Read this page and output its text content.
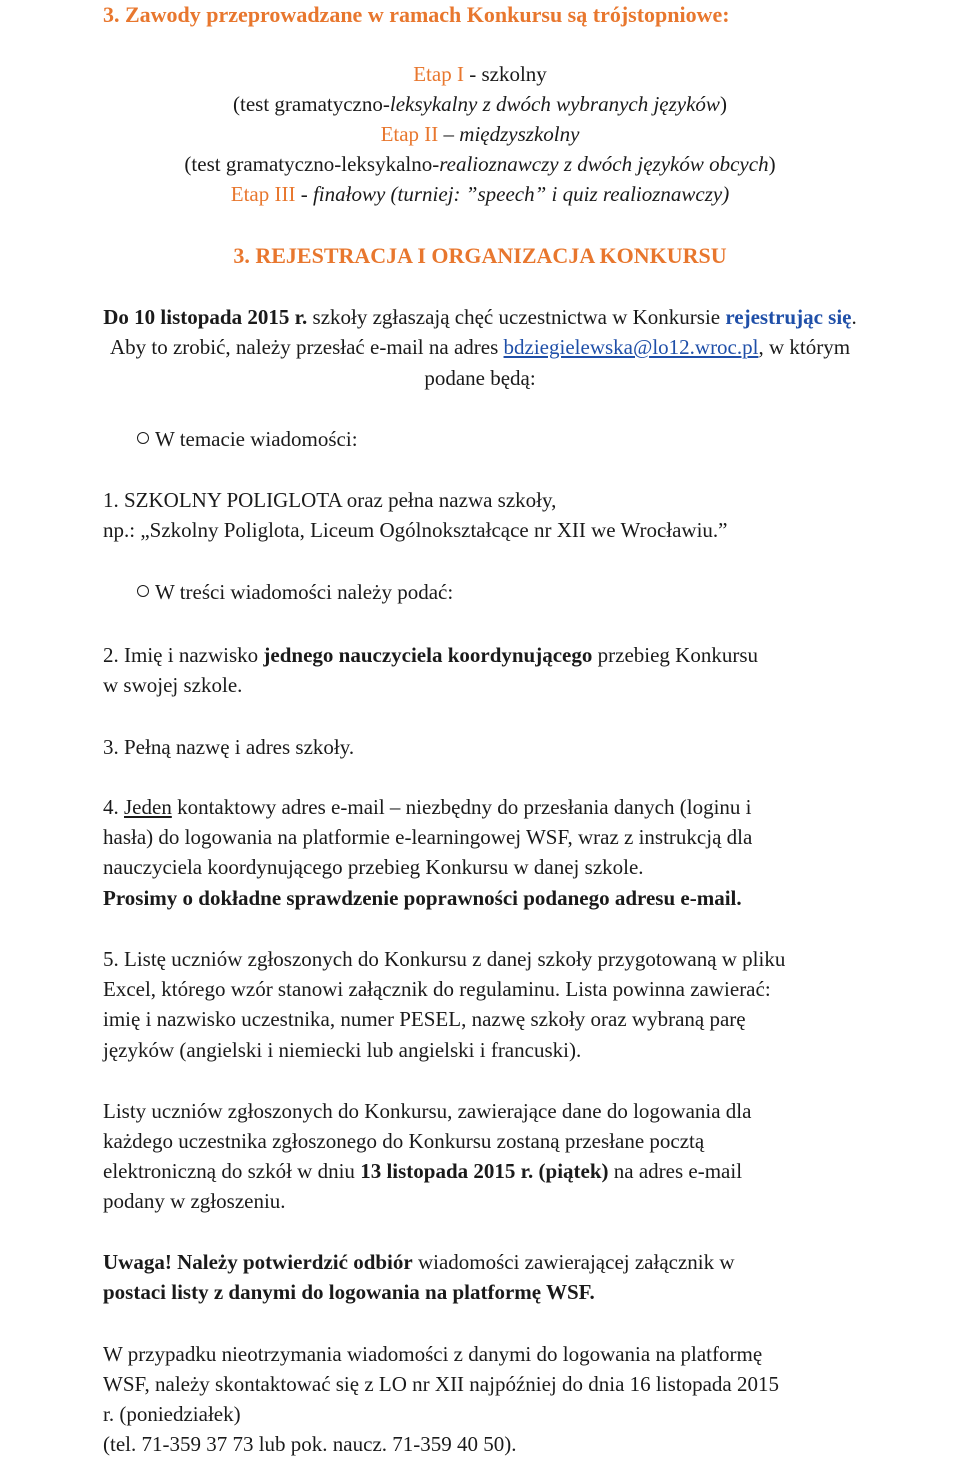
3. Zawody przeprowadzane w ramach Konkursu są trójstopniowe:
Etap I - szkolny
(test gramatyczno-leksykalny z dwóch wybranych języków)
Etap II – międzyszkolny
(test gramatyczno-leksykalno-realioznawczy z dwóch języków obcych)
Etap III - finałowy (turniej: ”speech” i quiz realioznawczy)
3. REJESTRACJA I ORGANIZACJA KONKURSU
Do 10 listopada 2015 r. szkoły zgłaszają chęć uczestnictwa w Konkursie rejestrując się.
Aby to zrobić, należy przesłać e-mail na adres bdziegielewska@lo12.wroc.pl, w którym
podane będą:
W temacie wiadomości:
1. SZKOLNY POLIGLOTA oraz pełna nazwa szkoły,
np.: „Szkolny Poliglota, Liceum Ogólnokształcące nr XII we Wrocławiu.”
W treści wiadomości należy podać:
2. Imię i nazwisko jednego nauczyciela koordynującego przebieg Konkursu
w swojej szkole.
3. Pełną nazwę i adres szkoły.
4. Jeden kontaktowy adres e-mail – niezbędny do przesłania danych (loginu i
hasła) do logowania na platformie e-learningowej WSF, wraz z instrukcją dla
nauczyciela koordynującego przebieg Konkursu w danej szkole.
Prosimy o dokładne sprawdzenie poprawności podanego adresu e-mail.
5. Listę uczniów zgłoszonych do Konkursu z danej szkoły przygotowaną w pliku
Excel, którego wzór stanowi załącznik do regulaminu. Lista powinna zawierać:
imię i nazwisko uczestnika, numer PESEL, nazwę szkoły oraz wybraną parę
języków (angielski i niemiecki lub angielski i francuski).
Listy uczniów zgłoszonych do Konkursu, zawierające dane do logowania dla
każdego uczestnika zgłoszonego do Konkursu zostaną przesłane pocztą
elektroniczną do szkół w dniu 13 listopada 2015 r. (piątek) na adres e-mail
podany w zgłoszeniu.
Uwaga! Należy potwierdzić odbiór wiadomości zawierającej załącznik w
postaci listy z danymi do logowania na platformę WSF.
W przypadku nieotrzymania wiadomości z danymi do logowania na platformę
WSF, należy skontaktować się z LO nr XII najpóźniej do dnia 16 listopada 2015
r. (poniedziałek)
(tel. 71-359 37 73 lub pok. naucz. 71-359 40 50).
